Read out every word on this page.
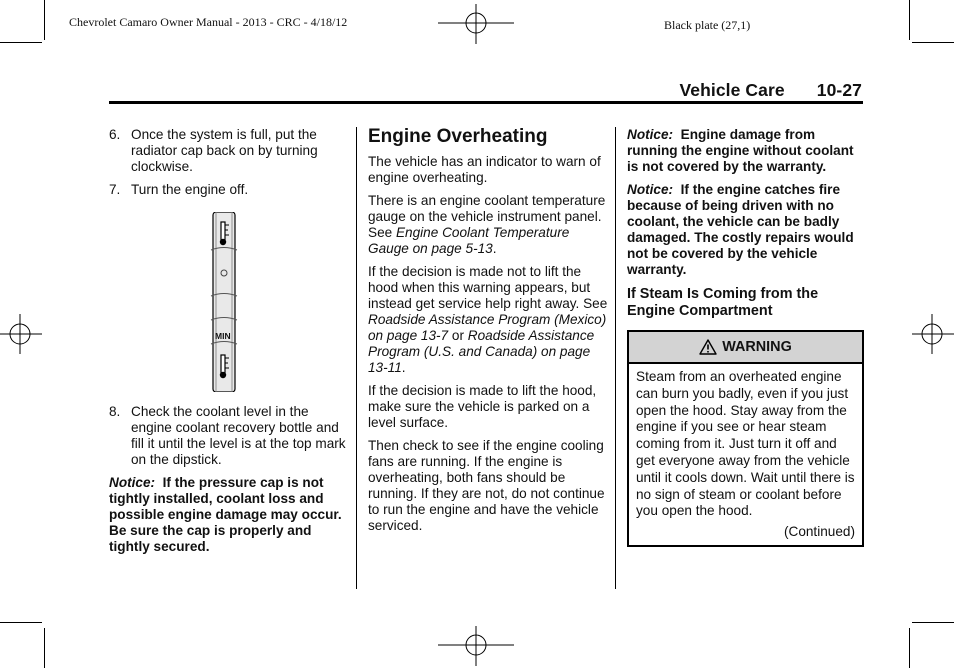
Chevrolet Camaro Owner Manual - 2013 - CRC - 4/18/12	Black plate (27,1)
Vehicle Care 10-27
6. Once the system is full, put the radiator cap back on by turning clockwise.
7. Turn the engine off.
MIN
8. Check the coolant level in the engine coolant recovery bottle and fill it until the level is at the top mark on the dipstick.

Notice: If the pressure cap is not tightly installed, coolant loss and possible engine damage may occur. Be sure the cap is properly and tightly secured.

Engine Overheating

The vehicle has an indicator to warn of engine overheating.

There is an engine coolant temperature gauge on the vehicle instrument panel. See Engine Coolant Temperature Gauge on page 5-13.

If the decision is made not to lift the hood when this warning appears, but instead get service help right away. See Roadside Assistance Program (Mexico) on page 13-7 or Roadside Assistance Program (U.S. and Canada) on page 13-11.

If the decision is made to lift the hood, make sure the vehicle is parked on a level surface.

Then check to see if the engine cooling fans are running. If the engine is overheating, both fans should be running. If they are not, do not continue to run the engine and have the vehicle serviced.

Notice: Engine damage from running the engine without coolant is not covered by the warranty.

Notice: If the engine catches fire because of being driven with no coolant, the vehicle can be badly damaged. The costly repairs would not be covered by the vehicle warranty.

If Steam Is Coming from the Engine Compartment
WARNING
Steam from an overheated engine can burn you badly, even if you just open the hood. Stay away from the engine if you see or hear steam coming from it. Just turn it off and get everyone away from the vehicle until it cools down. Wait until there is no sign of steam or coolant before you open the hood.
(Continued)
